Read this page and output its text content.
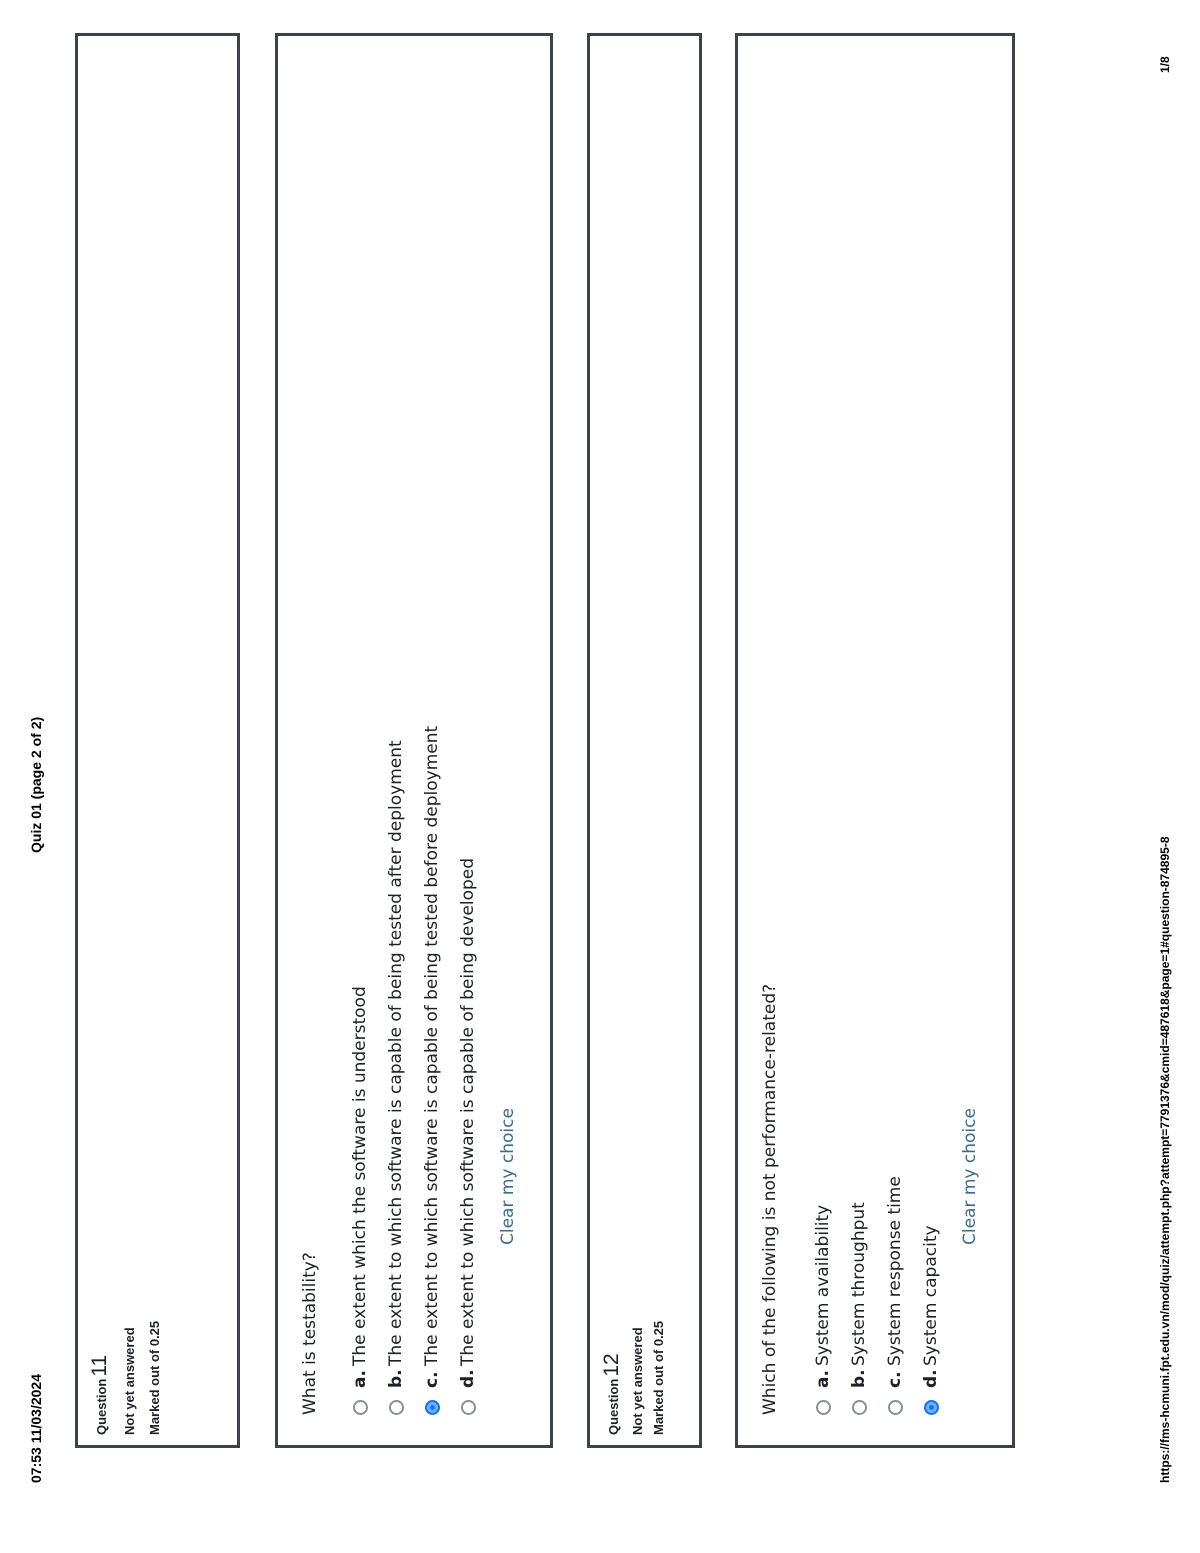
07:53 11/03/2024
Quiz 01 (page 2 of 2)
Question11 Not yet answered Marked out of 0.25	What is testability? a.
The extent which the software is understood
b.
The extent to which software is capable of being tested after deployment
c.
The extent to which software is capable of being tested before deployment
d.
The extent to which software is capable of being developed Clear my choice
Question12 Not yet answered Marked out of 0.25	Which of the following is not performance-related? a.
System availability
b.
System throughput
c.
System response time
d.
System capacity
Clear my choice	https://fms-hcmuni.fpt.edu.vn/mod/quiz/attempt.php?attempt=7791376&cmid=487618&page=1#question-874895-8
1/8
